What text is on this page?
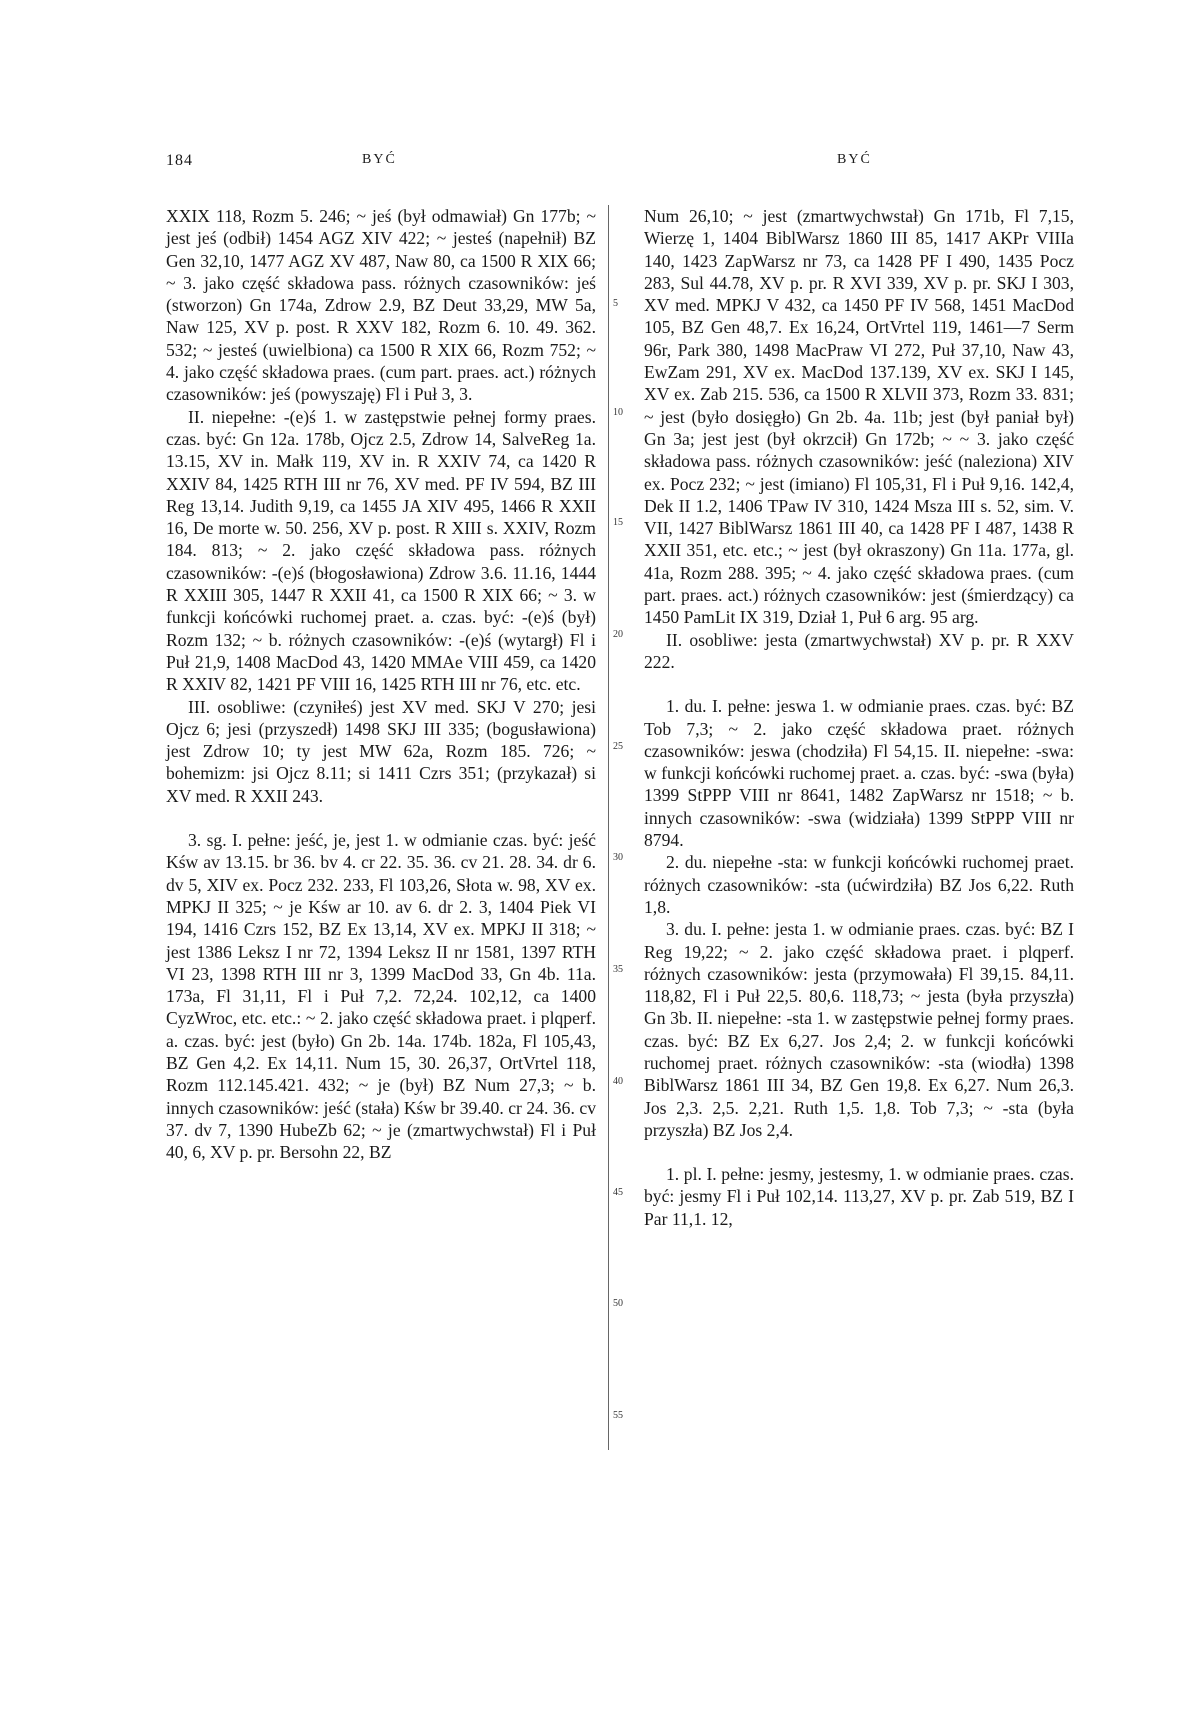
184	BYĆ	BYĆ

XXIX 118, Rozm 5. 246; ~ jeś (był odmawiał) Gn 177b; ~ jest jeś (odbił) 1454 AGZ XIV 422; ~ jesteś (napełnił) BZ Gen 32,10, 1477 AGZ XV 487, Naw 80, ca 1500 R XIX 66; ~ 3. jako część składowa pass. różnych czasowników: jeś (stworzon) Gn 174a, Zdrow 2.9, BZ Deut 33,29, MW 5a, Naw 125, XV p. post. R XXV 182, Rozm 6. 10. 49. 362. 532; ~ jesteś (uwielbiona) ca 1500 R XIX 66, Rozm 752; ~ 4. jako część składowa praes. (cum part. praes. act.) różnych czasowników: jeś (powyszaję) Fl i Puł 3, 3.

II. niepełne: -(e)ś 1. w zastępstwie pełnej formy praes. czas. być: Gn 12a. 178b, Ojcz 2.5, Zdrow 14, SalveReg 1a. 13.15, XV in. Małk 119, XV in. R XXIV 74, ca 1420 R XXIV 84, 1425 RTH III nr 76, XV med. PF IV 594, BZ III Reg 13,14. Judith 9,19, ca 1455 JA XIV 495, 1466 R XXII 16, De morte w. 50. 256, XV p. post. R XIII s. XXIV, Rozm 184. 813; ~ 2. jako część składowa pass. różnych czasowników: -(e)ś (błogosławiona) Zdrow 3.6. 11.16, 1444 R XXIII 305, 1447 R XXII 41, ca 1500 R XIX 66; ~ 3. w funkcji końcówki ruchomej praet. a. czas. być: -(e)ś (był) Rozm 132; ~ b. różnych czasowników: -(e)ś (wytargł) Fl i Puł 21,9, 1408 MacDod 43, 1420 MMAe VIII 459, ca 1420 R XXIV 82, 1421 PF VIII 16, 1425 RTH III nr 76, etc. etc.

III. osobliwe: (czyniłeś) jest XV med. SKJ V 270; jesi Ojcz 6; jesi (przyszedł) 1498 SKJ III 335; (bogusławiona) jest Zdrow 10; ty jest MW 62a, Rozm 185. 726; ~ bohemizm: jsi Ojcz 8.11; si 1411 Czrs 351; (przykazał) si XV med. R XXII 243.

3. sg. I. pełne: jeść, je, jest 1. w odmianie czas. być: jeść Kśw av 13.15. br 36. bv 4. cr 22. 35. 36. cv 21. 28. 34. dr 6. dv 5, XIV ex. Pocz 232. 233, Fl 103,26, Słota w. 98, XV ex. MPKJ II 325; ~ je Kśw ar 10. av 6. dr 2. 3, 1404 Piek VI 194, 1416 Czrs 152, BZ Ex 13,14, XV ex. MPKJ II 318; ~ jest 1386 Leksz I nr 72, 1394 Leksz II nr 1581, 1397 RTH VI 23, 1398 RTH III nr 3, 1399 MacDod 33, Gn 4b. 11a. 173a, Fl 31,11, Fl i Puł 7,2. 72,24. 102,12, ca 1400 CyzWroc, etc. etc.: ~ 2. jako część składowa praet. i plqperf. a. czas. być: jest (było) Gn 2b. 14a. 174b. 182a, Fl 105,43, BZ Gen 4,2. Ex 14,11. Num 15, 30. 26,37, OrtVrtel 118, Rozm 112.145.421. 432; ~ je (był) BZ Num 27,3; ~ b. innych czasowników: jeść (stała) Kśw br 39.40. cr 24. 36. cv 37. dv 7, 1390 HubeZb 62; ~ je (zmartwychwstał) Fl i Puł 40, 6, XV p. pr. Bersohn 22, BZ

5
10
15
20
25
30
35
40
45
50
55

Num 26,10; ~ jest (zmartwychwstał) Gn 171b, Fl 7,15, Wierzę 1, 1404 BiblWarsz 1860 III 85, 1417 AKPr VIIIa 140, 1423 ZapWarsz nr 73, ca 1428 PF I 490, 1435 Pocz 283, Sul 44.78, XV p. pr. R XVI 339, XV p. pr. SKJ I 303, XV med. MPKJ V 432, ca 1450 PF IV 568, 1451 MacDod 105, BZ Gen 48,7. Ex 16,24, OrtVrtel 119, 1461—7 Serm 96r, Park 380, 1498 MacPraw VI 272, Puł 37,10, Naw 43, EwZam 291, XV ex. MacDod 137.139, XV ex. SKJ I 145, XV ex. Zab 215. 536, ca 1500 R XLVII 373, Rozm 33. 831; ~ jest (było dosięgło) Gn 2b. 4a. 11b; jest (był paniał był) Gn 3a; jest jest (był okrzcił) Gn 172b; ~ ~ 3. jako część składowa pass. różnych czasowników: jeść (naleziona) XIV ex. Pocz 232; ~ jest (imiano) Fl 105,31, Fl i Puł 9,16. 142,4, Dek II 1.2, 1406 TPaw IV 310, 1424 Msza III s. 52, sim. V. VII, 1427 BiblWarsz 1861 III 40, ca 1428 PF I 487, 1438 R XXII 351, etc. etc.; ~ jest (był okraszony) Gn 11a. 177a, gl. 41a, Rozm 288. 395; ~ 4. jako część składowa praes. (cum part. praes. act.) różnych czasowników: jest (śmierdzący) ca 1450 PamLit IX 319, Dział 1, Puł 6 arg. 95 arg.

II. osobliwe: jesta (zmartwychwstał) XV p. pr. R XXV 222.

1. du. I. pełne: jeswa 1. w odmianie praes. czas. być: BZ Tob 7,3; ~ 2. jako część składowa praet. różnych czasowników: jeswa (chodziła) Fl 54,15. II. niepełne: -swa: w funkcji końcówki ruchomej praet. a. czas. być: -swa (była) 1399 StPPP VIII nr 8641, 1482 ZapWarsz nr 1518; ~ b. innych czasowników: -swa (widziała) 1399 StPPP VIII nr 8794.

2. du. niepełne -sta: w funkcji końcówki ruchomej praet. różnych czasowników: -sta (ućwirdziła) BZ Jos 6,22. Ruth 1,8.

3. du. I. pełne: jesta 1. w odmianie praes. czas. być: BZ I Reg 19,22; ~ 2. jako część składowa praet. i plqperf. różnych czasowników: jesta (przymowała) Fl 39,15. 84,11. 118,82, Fl i Puł 22,5. 80,6. 118,73; ~ jesta (była przyszła) Gn 3b. II. niepełne: -sta 1. w zastępstwie pełnej formy praes. czas. być: BZ Ex 6,27. Jos 2,4; 2. w funkcji końcówki ruchomej praet. różnych czasowników: -sta (wiodła) 1398 BiblWarsz 1861 III 34, BZ Gen 19,8. Ex 6,27. Num 26,3. Jos 2,3. 2,5. 2,21. Ruth 1,5. 1,8. Tob 7,3; ~ -sta (była przyszła) BZ Jos 2,4.

1. pl. I. pełne: jesmy, jestesmy, 1. w odmianie praes. czas. być: jesmy Fl i Puł 102,14. 113,27, XV p. pr. Zab 519, BZ I Par 11,1. 12,
